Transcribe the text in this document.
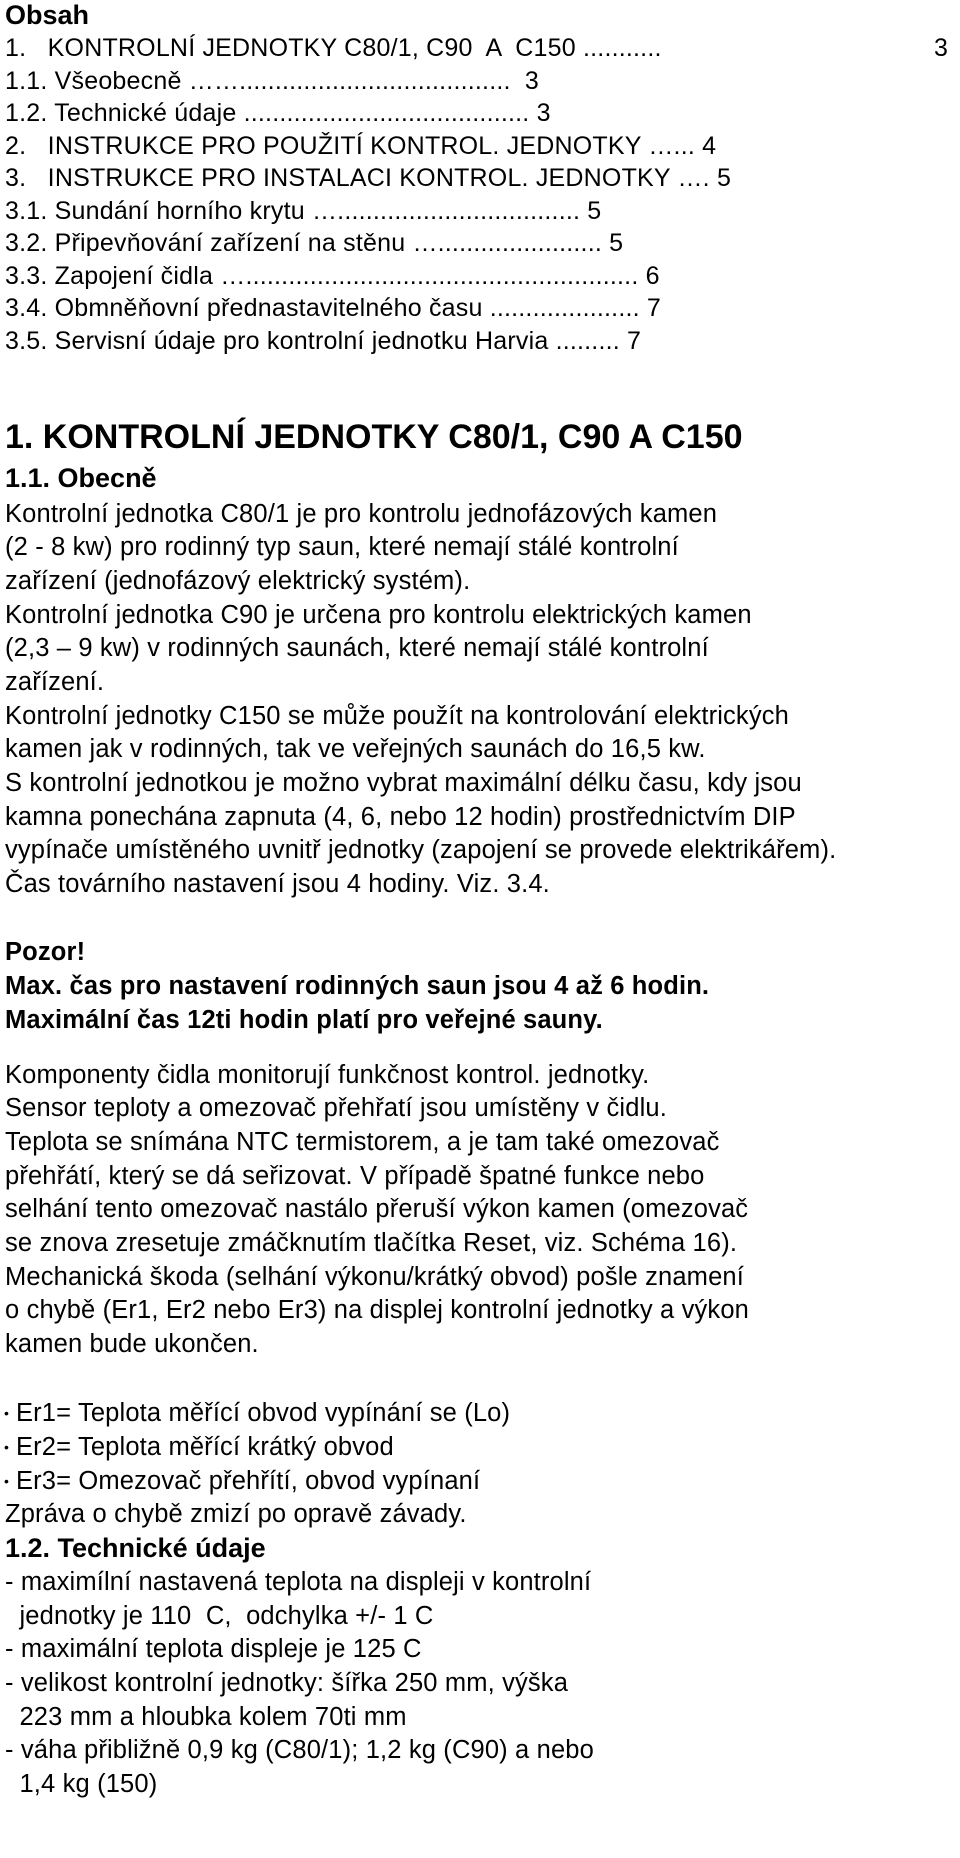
Obsah
1.   KONTROLNÍ JEDNOTKY C80/1, C90  A  C150 ...........	3
1.1. Všeobecně ……......................................  3
1.2. Technické údaje ........................................ 3
2.   INSTRUKCE PRO POUŽITÍ KONTROL. JEDNOTKY …... 4
3.   INSTRUKCE PRO INSTALACI KONTROL. JEDNOTKY …. 5
3.1. Sundání horního krytu ….................................. 5
3.2. Připevňování zařízení na stěnu …....................... 5
3.3. Zapojení čidla …....................................................... 6
3.4. Obmněňovní přednastavitelného času ..................... 7
3.5. Servisní údaje pro kontrolní jednotku Harvia ......... 7
1. KONTROLNÍ JEDNOTKY C80/1, C90 A C150
1.1. Obecně
Kontrolní jednotka C80/1 je pro kontrolu jednofázových kamen
(2 - 8 kw) pro rodinný typ saun, které nemají stálé kontrolní
zařízení (jednofázový elektrický systém).
Kontrolní jednotka C90 je určena pro kontrolu elektrických kamen
(2,3 – 9 kw) v rodinných saunách, které nemají stálé kontrolní
zařízení.
Kontrolní jednotky C150 se může použít na kontrolování elektrických
kamen jak v rodinných, tak ve veřejných saunách do 16,5 kw.
S kontrolní jednotkou je možno vybrat maximální délku času, kdy jsou
kamna ponechána zapnuta (4, 6, nebo 12 hodin) prostřednictvím DIP
vypínače umístěného uvnitř jednotky (zapojení se provede elektrikářem).
Čas továrního nastavení jsou 4 hodiny. Viz. 3.4.
Pozor!
Max. čas pro nastavení rodinných saun jsou 4 až 6 hodin.
Maximální čas 12ti hodin platí pro veřejné sauny.
Komponenty čidla monitorují funkčnost kontrol. jednotky.
Sensor teploty a omezovač přehřatí jsou umístěny v čidlu.
Teplota se snímána NTC termistorem, a je tam také omezovač
přehřátí, který se dá seřizovat. V případě špatné funkce nebo
selhání tento omezovač nastálo přeruší výkon kamen (omezovač
se znova zresetuje zmáčknutím tlačítka Reset, viz. Schéma 16).
Mechanická škoda (selhání výkonu/krátký obvod) pošle znamení
o chybě (Er1, Er2 nebo Er3) na displej kontrolní jednotky a výkon
kamen bude ukončen.
• Er1= Teplota měřící obvod vypínání se (Lo)
• Er2= Teplota měřící krátký obvod
• Er3= Omezovač přehřítí, obvod vypínaní
Zpráva o chybě zmizí po opravě závady.
1.2. Technické údaje
- maximílní nastavená teplota na displeji v kontrolní
jednotky je 110  C,  odchylka +/- 1 C
- maximální teplota displeje je 125 C
- velikost kontrolní jednotky: šířka 250 mm, výška
223 mm a hloubka kolem 70ti mm
- váha přibližně 0,9 kg (C80/1); 1,2 kg (C90) a nebo
1,4 kg (150)
